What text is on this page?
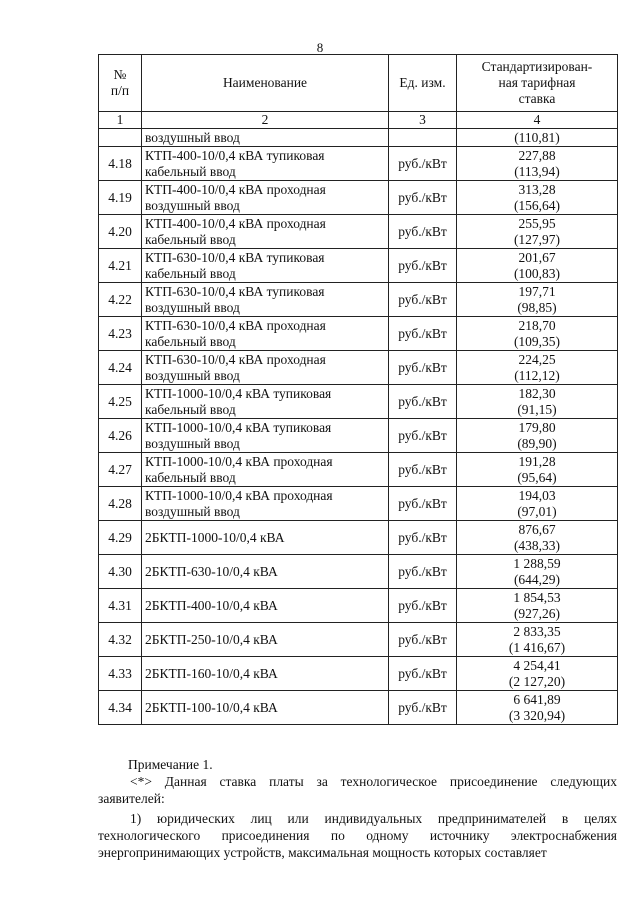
8
№
п/п	Наименование	Ед. изм.	Стандартизирован-
ная тарифная
ставка
1	2	3	4
	воздушный ввод		(110,81)
4.18	КТП-400-10/0,4 кВА тупиковая
кабельный ввод	руб./кВт	227,88
(113,94)
4.19	КТП-400-10/0,4 кВА проходная
воздушный ввод	руб./кВт	313,28
(156,64)
4.20	КТП-400-10/0,4 кВА проходная
кабельный ввод	руб./кВт	255,95
(127,97)
4.21	КТП-630-10/0,4 кВА тупиковая
кабельный ввод	руб./кВт	201,67
(100,83)
4.22	КТП-630-10/0,4 кВА тупиковая
воздушный ввод	руб./кВт	197,71
(98,85)
4.23	КТП-630-10/0,4 кВА проходная
кабельный ввод	руб./кВт	218,70
(109,35)
4.24	КТП-630-10/0,4 кВА проходная
воздушный ввод	руб./кВт	224,25
(112,12)
4.25	КТП-1000-10/0,4 кВА тупиковая
кабельный ввод	руб./кВт	182,30
(91,15)
4.26	КТП-1000-10/0,4 кВА тупиковая
воздушный ввод	руб./кВт	179,80
(89,90)
4.27	КТП-1000-10/0,4 кВА проходная
кабельный ввод	руб./кВт	191,28
(95,64)
4.28	КТП-1000-10/0,4 кВА проходная
воздушный ввод	руб./кВт	194,03
(97,01)
4.29	2БКТП-1000-10/0,4 кВА	руб./кВт	876,67
(438,33)
4.30	2БКТП-630-10/0,4 кВА	руб./кВт	1 288,59
(644,29)
4.31	2БКТП-400-10/0,4 кВА	руб./кВт	1 854,53
(927,26)
4.32	2БКТП-250-10/0,4 кВА	руб./кВт	2 833,35
(1 416,67)
4.33	2БКТП-160-10/0,4 кВА	руб./кВт	4 254,41
(2 127,20)
4.34	2БКТП-100-10/0,4 кВА	руб./кВт	6 641,89
(3 320,94)
Примечание 1.
<*> Данная ставка платы за технологическое присоединение следующих заявителей:
1) юридических лиц или индивидуальных предпринимателей в целях технологического присоединения по одному источнику электроснабжения энергопринимающих устройств, максимальная мощность которых составляет
